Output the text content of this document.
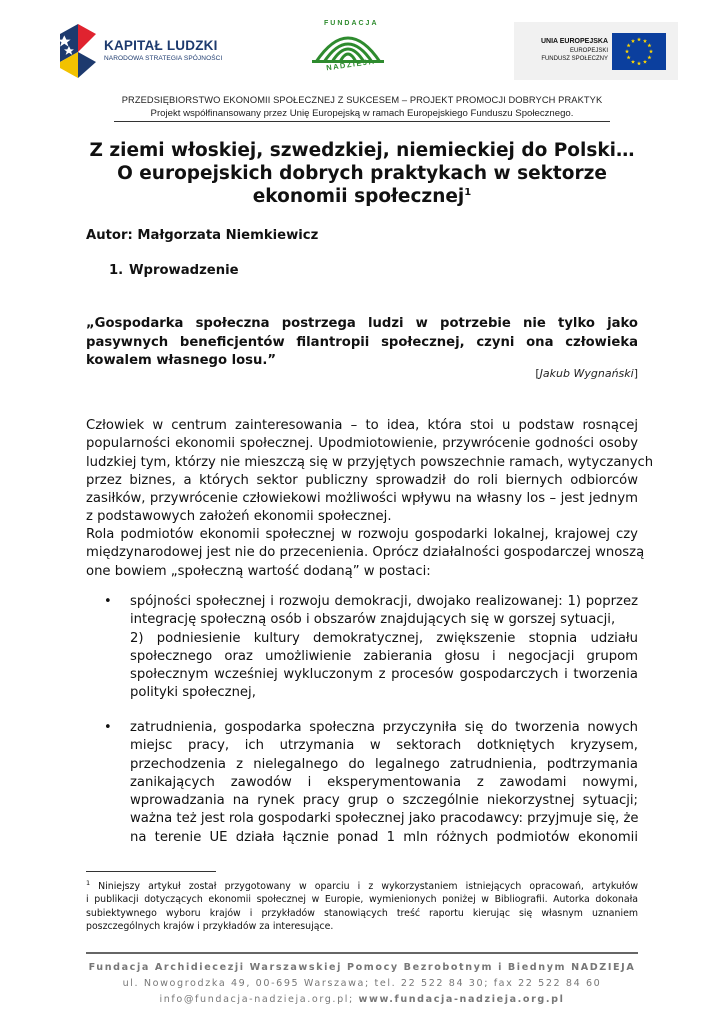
KAPITAŁ LUDZKI
NARODOWA STRATEGIA SPÓJNOŚCI
FUNDACJA
NADZIEJA
UNIA EUROPEJSKA
EUROPEJSKI
FUNDUSZ SPOŁECZNY
PRZEDSIĘBIORSTWO EKONOMII SPOŁECZNEJ Z SUKCESEM – PROJEKT PROMOCJI DOBRYCH PRAKTYK
Projekt współfinansowany przez Unię Europejską w ramach Europejskiego Funduszu Społecznego.
Z ziemi włoskiej, szwedzkiej, niemieckiej do Polski…
O europejskich dobrych praktykach w sektorze
ekonomii społecznej$^1$
Autor: Małgorzata Niemkiewicz
1. Wprowadzenie
„Gospodarka społeczna postrzega ludzi w potrzebie nie tylko jako
pasywnych beneficjentów filantropii społecznej, czyni ona człowieka
kowalem własnego losu.”
[Jakub Wygnański]
Człowiek w centrum zainteresowania – to idea, która stoi u podstaw rosnącej
popularności ekonomii społecznej. Upodmiotowienie, przywrócenie godności osoby
ludzkiej tym, którzy nie mieszczą się w przyjętych powszechnie ramach, wytyczanych
przez biznes, a których sektor publiczny sprowadził do roli biernych odbiorców
zasiłków, przywrócenie człowiekowi możliwości wpływu na własny los – jest jednym
z podstawowych założeń ekonomii społecznej.
Rola podmiotów ekonomii społecznej w rozwoju gospodarki lokalnej, krajowej czy
międzynarodowej jest nie do przecenienia. Oprócz działalności gospodarczej wnoszą
one bowiem „społeczną wartość dodaną” w postaci:
• spójności społecznej i rozwoju demokracji, dwojako realizowanej: 1) poprzez
integrację społeczną osób i obszarów znajdujących się w gorszej sytuacji,
2) podniesienie kultury demokratycznej, zwiększenie stopnia udziału
społecznego oraz umożliwienie zabierania głosu i negocjacji grupom
społecznym wcześniej wykluczonym z procesów gospodarczych i tworzenia
polityki społecznej,
• zatrudnienia, gospodarka społeczna przyczyniła się do tworzenia nowych
miejsc pracy, ich utrzymania w sektorach dotkniętych kryzysem,
przechodzenia z nielegalnego do legalnego zatrudnienia, podtrzymania
zanikających zawodów i eksperymentowania z zawodami nowymi,
wprowadzania na rynek pracy grup o szczególnie niekorzystnej sytuacji;
ważna też jest rola gospodarki społecznej jako pracodawcy: przyjmuje się, że
na terenie UE działa łącznie ponad 1 mln różnych podmiotów ekonomii
$^1$ Niniejszy artykuł został przygotowany w oparciu i z wykorzystaniem istniejących opracowań, artykułów
i publikacji dotyczących ekonomii społecznej w Europie, wymienionych poniżej w Bibliografii. Autorka dokonała
subiektywnego wyboru krajów i przykładów stanowiących treść raportu kierując się własnym uznaniem
poszczególnych krajów i przykładów za interesujące.
Fundacja Archidiecezji Warszawskiej Pomocy Bezrobotnym i Biednym NADZIEJA
ul. Nowogrodzka 49, 00-695 Warszawa; tel. 22 522 84 30; fax 22 522 84 60
info@fundacja-nadzieja.org.pl; www.fundacja-nadzieja.org.pl
